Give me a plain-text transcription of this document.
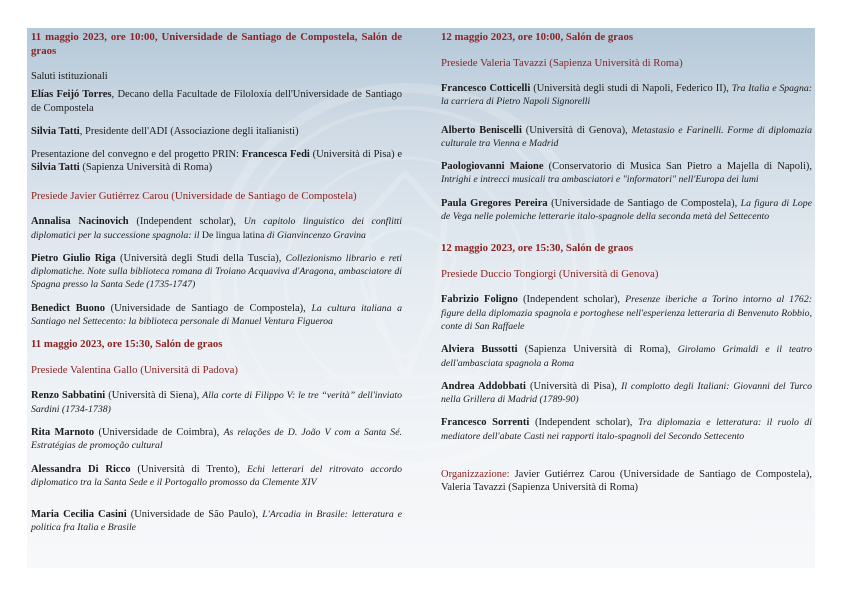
11 maggio 2023, ore 10:00, Universidade de Santiago de Compostela, Salón de graos

Saluti istituzionali

Elías Feijó Torres, Decano della Facultade de Filoloxía dell'Universidade de Santiago de Compostela

Silvia Tatti, Presidente dell'ADI (Associazione degli italianisti)

Presentazione del convegno e del progetto PRIN: Francesca Fedi (Università di Pisa) e Silvia Tatti (Sapienza Università di Roma)

Presiede Javier Gutiérrez Carou (Universidade de Santiago de Compostela)

Annalisa Nacinovich (Independent scholar), Un capitolo linguistico dei conflitti diplomatici per la successione spagnola: il De lingua latina di Gianvincenzo Gravina

Pietro Giulio Riga (Università degli Studi della Tuscia), Collezionismo librario e reti diplomatiche. Note sulla biblioteca romana di Troiano Acquaviva d'Aragona, ambasciatore di Spagna presso la Santa Sede (1735-1747)

Benedict Buono (Universidade de Santiago de Compostela), La cultura italiana a Santiago nel Settecento: la biblioteca personale di Manuel Ventura Figueroa

11 maggio 2023, ore 15:30, Salón de graos
Presiede Valentina Gallo (Università di Padova)

Renzo Sabbatini (Università di Siena), Alla corte di Filippo V: le tre “verità” dell'inviato Sardini (1734-1738)

Rita Marnoto (Universidade de Coimbra), As relações de D. João V com a Santa Sé. Estratégias de promoção cultural

Alessandra Di Ricco (Università di Trento), Echi letterari del ritrovato accordo diplomatico tra la Santa Sede e il Portogallo promosso da Clemente XIV

Maria Cecilia Casini (Universidade de São Paulo), L'Arcadia in Brasile: letteratura e politica fra Italia e Brasile

12 maggio 2023, ore 10:00, Salón de graos
Presiede Valeria Tavazzi (Sapienza Università di Roma)

Francesco Cotticelli (Università degli studi di Napoli, Federico II), Tra Italia e Spagna: la carriera di Pietro Napoli Signorelli

Alberto Beniscelli (Università di Genova), Metastasio e Farinelli. Forme di diplomazia culturale tra Vienna e Madrid

Paologiovanni Maione (Conservatorio di Musica San Pietro a Majella di Napoli), Intrighi e intrecci musicali tra ambasciatori e "informatori" nell'Europa dei lumi

Paula Gregores Pereira (Universidade de Santiago de Compostela), La figura di Lope de Vega nelle polemiche letterarie italo-spagnole della seconda metà del Settecento

12 maggio 2023, ore 15:30, Salón de graos
Presiede Duccio Tongiorgi (Università di Genova)

Fabrizio Foligno (Independent scholar), Presenze iberiche a Torino intorno al 1762: figure della diplomazia spagnola e portoghese nell'esperienza letteraria di Benvenuto Robbio, conte di San Raffaele

Alviera Bussotti (Sapienza Università di Roma), Girolamo Grimaldi e il teatro dell'ambasciata spagnola a Roma

Andrea Addobbati (Università di Pisa), Il complotto degli Italiani: Giovanni del Turco nella Grillera di Madrid (1789-90)

Francesco Sorrenti (Independent scholar), Tra diplomazia e letteratura: il ruolo di mediatore dell'abate Casti nei rapporti italo-spagnoli del Secondo Settecento

Organizzazione: Javier Gutiérrez Carou (Universidade de Santiago de Compostela), Valeria Tavazzi (Sapienza Università di Roma)
